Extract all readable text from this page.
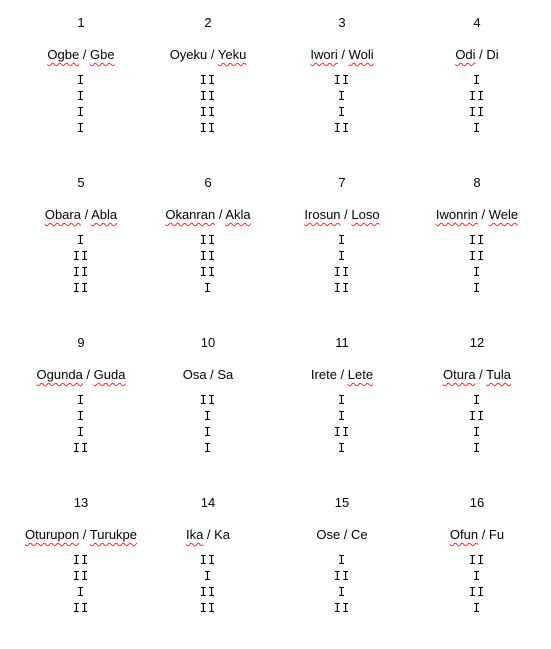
1
Ogbe / Gbe
I
I
I
I
2
Oyeku / Yeku
II
II
II
II
3
Iwori / Woli
II
I
I
II
4
Odi / Di
I
II
II
I
5
Obara / Abla
I
II
II
II
6
Okanran / Akla
II
II
II
I
7
Irosun / Loso
I
I
II
II
8
Iwonrin / Wele
II
II
I
I
9
Ogunda / Guda
I
I
I
II
10
Osa / Sa
II
I
I
I
11
Irete / Lete
I
I
II
I
12
Otura / Tula
I
II
I
I
13
Oturupon / Turukpe
II
II
I
II
14
Ika / Ka
II
I
II
II
15
Ose / Ce
I
II
I
II
16
Ofun / Fu
II
I
II
I
